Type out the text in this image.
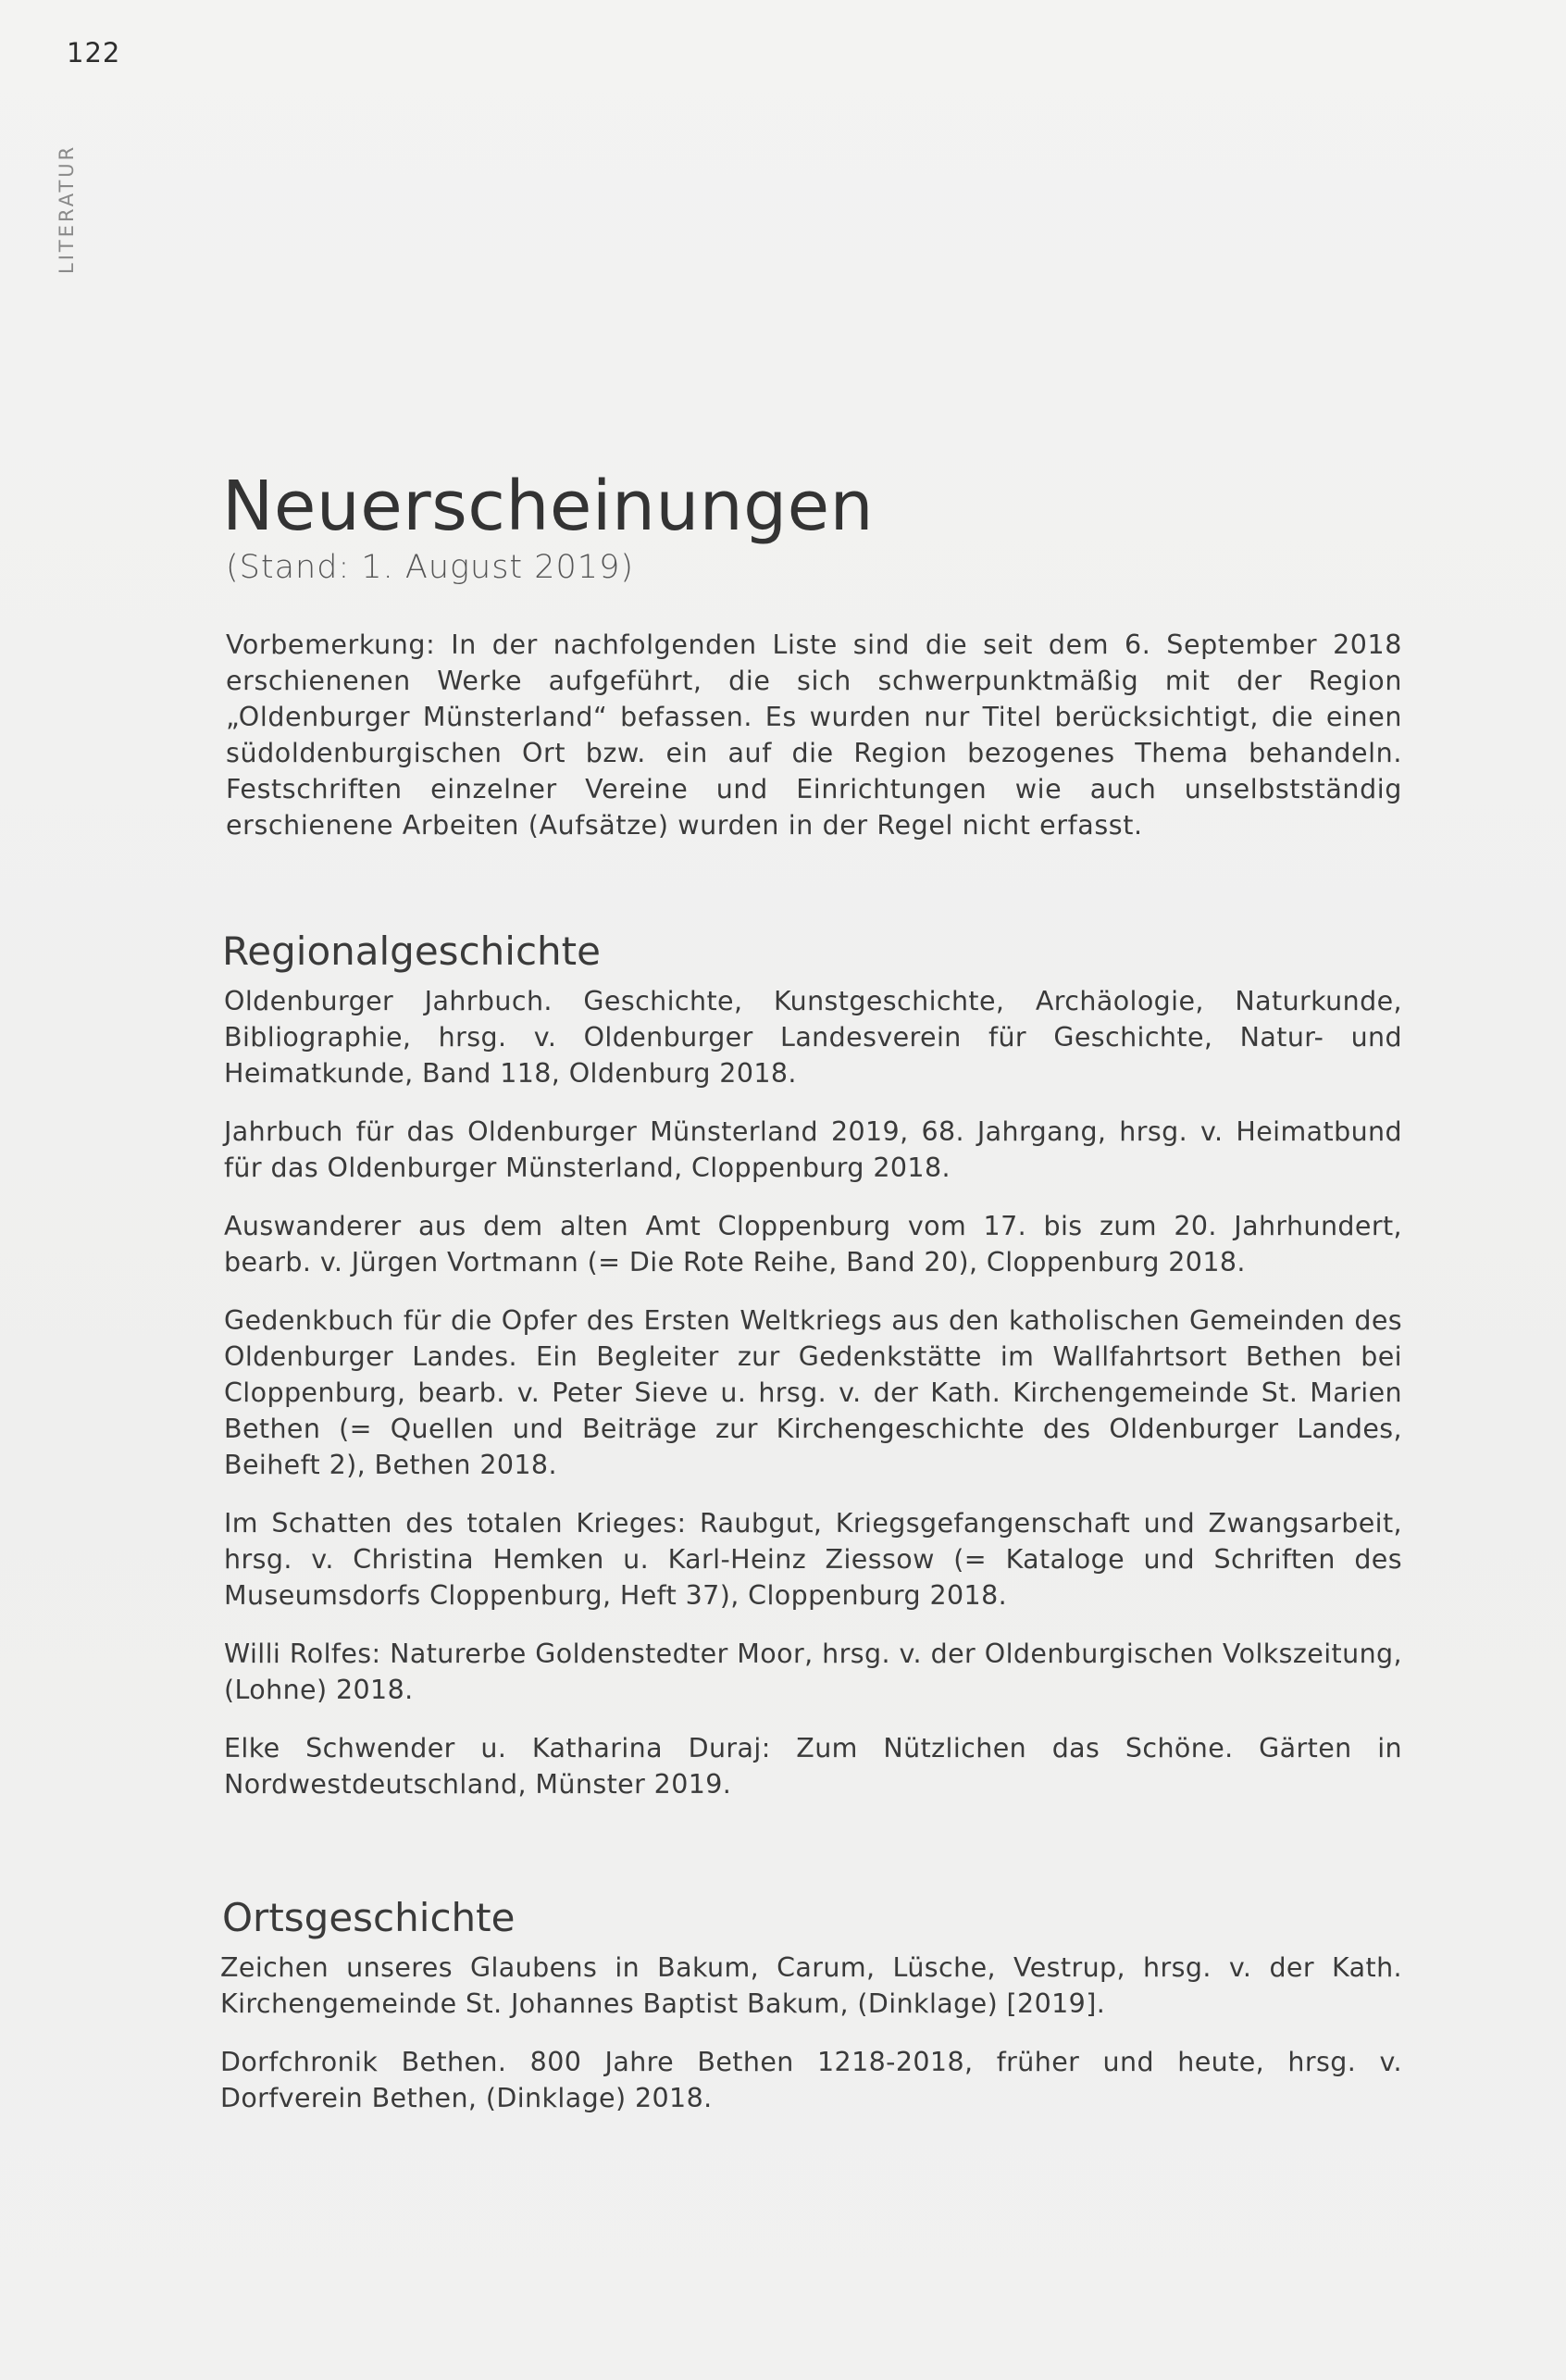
122
LITERATUR
Neuerscheinungen
(Stand: 1. August 2019)

Vorbemerkung: In der nachfolgenden Liste sind die seit dem 6. September 2018 erschienenen Werke aufgeführt, die sich schwerpunktmäßig mit der Region „Oldenburger Münsterland“ befassen. Es wurden nur Titel berücksichtigt, die einen südoldenburgischen Ort bzw. ein auf die Region bezogenes Thema behandeln. Festschriften einzelner Vereine und Einrichtungen wie auch unselbstständig erschienene Arbeiten (Aufsätze) wurden in der Regel nicht erfasst.

Regionalgeschichte

Oldenburger Jahrbuch. Geschichte, Kunstgeschichte, Archäologie, Naturkunde, Bibliographie, hrsg. v. Oldenburger Landesverein für Geschichte, Natur- und Heimatkunde, Band 118, Oldenburg 2018.

Jahrbuch für das Oldenburger Münsterland 2019, 68. Jahrgang, hrsg. v. Heimatbund für das Oldenburger Münsterland, Cloppenburg 2018.

Auswanderer aus dem alten Amt Cloppenburg vom 17. bis zum 20. Jahrhundert, bearb. v. Jürgen Vortmann (= Die Rote Reihe, Band 20), Cloppenburg 2018.

Gedenkbuch für die Opfer des Ersten Weltkriegs aus den katholischen Gemeinden des Oldenburger Landes. Ein Begleiter zur Gedenkstätte im Wallfahrtsort Bethen bei Cloppenburg, bearb. v. Peter Sieve u. hrsg. v. der Kath. Kirchengemeinde St. Marien Bethen (= Quellen und Beiträge zur Kirchengeschichte des Oldenburger Landes, Beiheft 2), Bethen 2018.

Im Schatten des totalen Krieges: Raubgut, Kriegsgefangenschaft und Zwangsarbeit, hrsg. v. Christina Hemken u. Karl-Heinz Ziessow (= Kataloge und Schriften des Museumsdorfs Cloppenburg, Heft 37), Cloppenburg 2018.

Willi Rolfes: Naturerbe Goldenstedter Moor, hrsg. v. der Oldenburgischen Volkszeitung, (Lohne) 2018.

Elke Schwender u. Katharina Duraj: Zum Nützlichen das Schöne. Gärten in Nordwestdeutschland, Münster 2019.

Ortsgeschichte

Zeichen unseres Glaubens in Bakum, Carum, Lüsche, Vestrup, hrsg. v. der Kath. Kirchengemeinde St. Johannes Baptist Bakum, (Dinklage) [2019].

Dorfchronik Bethen. 800 Jahre Bethen 1218-2018, früher und heute, hrsg. v. Dorfverein Bethen, (Dinklage) 2018.
